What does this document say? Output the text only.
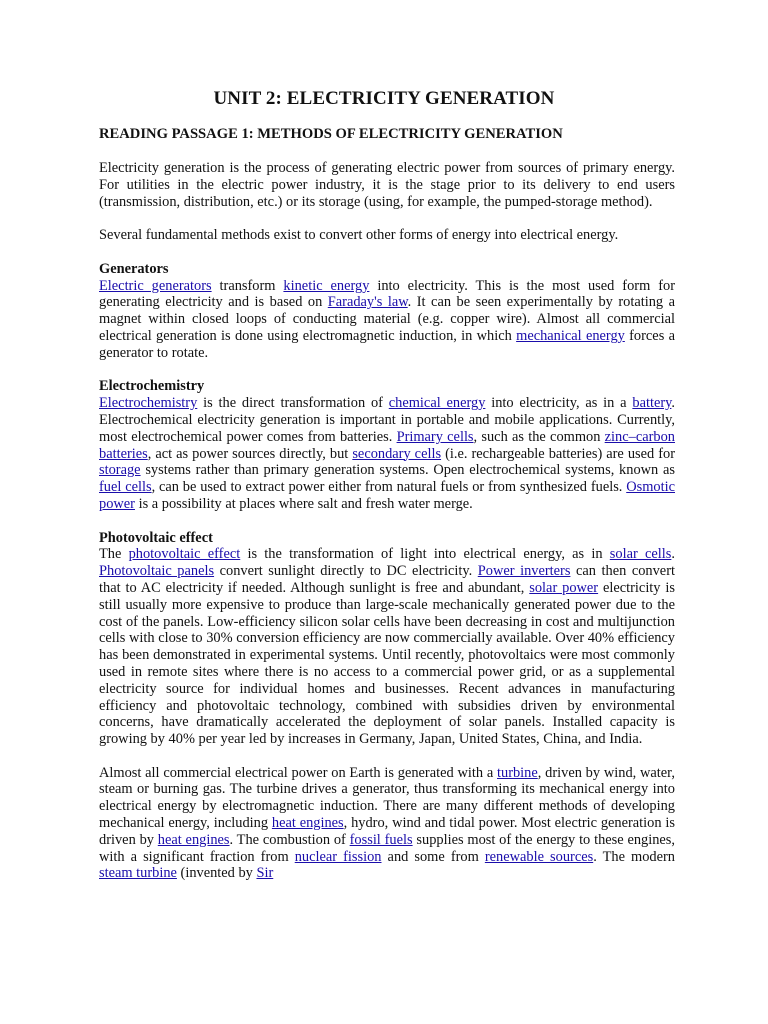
UNIT 2: ELECTRICITY GENERATION
READING PASSAGE 1: METHODS OF ELECTRICITY GENERATION

Electricity generation is the process of generating electric power from sources of primary energy. For utilities in the electric power industry, it is the stage prior to its delivery to end users (transmission, distribution, etc.) or its storage (using, for example, the pumped-storage method).

Several fundamental methods exist to convert other forms of energy into electrical energy.

Generators

Electric generators transform kinetic energy into electricity. This is the most used form for generating electricity and is based on Faraday's law. It can be seen experimentally by rotating a magnet within closed loops of conducting material (e.g. copper wire). Almost all commercial electrical generation is done using electromagnetic induction, in which mechanical energy forces a generator to rotate.

Electrochemistry

Electrochemistry is the direct transformation of chemical energy into electricity, as in a battery. Electrochemical electricity generation is important in portable and mobile applications. Currently, most electrochemical power comes from batteries. Primary cells, such as the common zinc–carbon batteries, act as power sources directly, but secondary cells (i.e. rechargeable batteries) are used for storage systems rather than primary generation systems. Open electrochemical systems, known as fuel cells, can be used to extract power either from natural fuels or from synthesized fuels. Osmotic power is a possibility at places where salt and fresh water merge.

Photovoltaic effect

The photovoltaic effect is the transformation of light into electrical energy, as in solar cells. Photovoltaic panels convert sunlight directly to DC electricity. Power inverters can then convert that to AC electricity if needed. Although sunlight is free and abundant, solar power electricity is still usually more expensive to produce than large-scale mechanically generated power due to the cost of the panels. Low-efficiency silicon solar cells have been decreasing in cost and multijunction cells with close to 30% conversion efficiency are now commercially available. Over 40% efficiency has been demonstrated in experimental systems. Until recently, photovoltaics were most commonly used in remote sites where there is no access to a commercial power grid, or as a supplemental electricity source for individual homes and businesses. Recent advances in manufacturing efficiency and photovoltaic technology, combined with subsidies driven by environmental concerns, have dramatically accelerated the deployment of solar panels. Installed capacity is growing by 40% per year led by increases in Germany, Japan, United States, China, and India.

Almost all commercial electrical power on Earth is generated with a turbine, driven by wind, water, steam or burning gas. The turbine drives a generator, thus transforming its mechanical energy into electrical energy by electromagnetic induction. There are many different methods of developing mechanical energy, including heat engines, hydro, wind and tidal power. Most electric generation is driven by heat engines. The combustion of fossil fuels supplies most of the energy to these engines, with a significant fraction from nuclear fission and some from renewable sources. The modern steam turbine (invented by Sir
